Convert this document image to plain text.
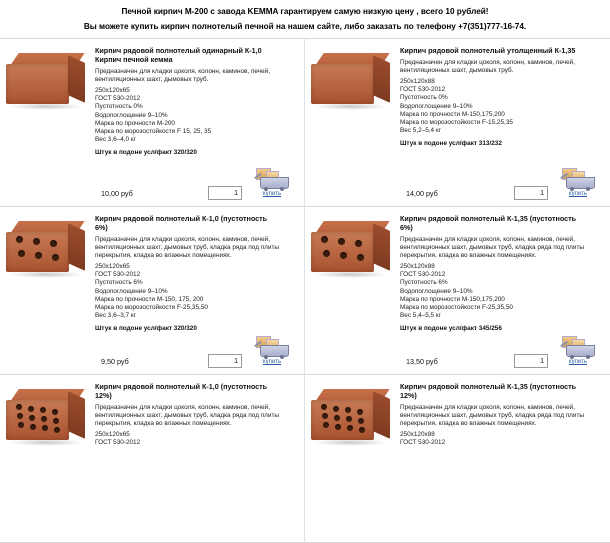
Печной кирпич М-200 с завода KEMMA гарантируем самую низкую цену , всего 10 рублей!
Вы можете купить кирпич полнотелый печной на нашем сайте, либо заказать по телефону +7(351)777-16-74.
Кирпич рядовой полнотелый одинарный К-1,0
Кирпич печной кемма

Предназначен для кладки цоколя, колонн, каминов, печей, вентиляционных шахт, дымовых труб.

250х120х65

ГОСТ 530-2012

Пустотность 0%

Водопоглощение 9–10%

Марка по прочности М-200

Марка по морозостойкости F 15, 25, 35

Вес 3,6–4,0 кг

Штук в подоне усл/факт 320/320
10,00 руб	1	купить
Кирпич рядовой полнотелый утолщенный К-1,35

Предназначен для кладки цоколя, колонн, каминов, печей, вентиляционных шахт, дымовых труб.

250х120х88

ГОСТ 530-2012

Пустотность 0%

Водопоглощение 9–10%

Марка по прочности М-150,175,200

Марка по морозостойкости F-15,25,35

Вес 5,2–5,4 кг

Штук в подоне усл/факт 313/232
14,00 руб	1	купить
Кирпич рядовой полнотелый К-1,0 (пустотность
6%)

Предназначен для кладки цоколя, колонн, каминов, печей, вентиляционных шахт, дымовых труб, кладка ряда под плиты перекрытия, кладка во влажных помещениях.

250х120х65

ГОСТ 530-2012

Пустотность 6%

Водопоглощение 9–10%

Марка по прочности М-150, 175, 200

Марка по морозостойкости F-25,35,50

Вес 3,6–3,7 кг

Штук в подоне усл/факт 320/320
9,50 руб	1	купить
Кирпич рядовой полнотелый К-1,35 (пустотность
6%)

Предназначен для кладки цоколя, колонн, каминов, печей, вентиляционных шахт, дымовых труб, кладка ряда под плиты перекрытия, кладка во влажных помещениях.

250х120х88

ГОСТ 530-2012

Пустотность 6%

Водопоглощение 9–10%

Марка по прочности М-150,175,200

Марка по морозостойкости F-25,35,50

Вес 5,4–5,5 кг

Штук в подоне усл/факт 345/256
13,50 руб	1	купить
Кирпич рядовой полнотелый К-1,0 (пустотность
12%)

Предназначен для кладки цоколя, колонн, каминов, печей, вентиляционных шахт, дымовых труб, кладка ряда под плиты перекрытия, кладка во влажных помещениях.

250х120х65

ГОСТ 530-2012

Кирпич рядовой полнотелый К-1,35 (пустотность
12%)

Предназначен для кладки цоколя, колонн, каминов, печей, вентиляционных шахт, дымовых труб, кладка ряда под плиты перекрытия, кладка во влажных помещениях.

250х120х88

ГОСТ 530-2012
